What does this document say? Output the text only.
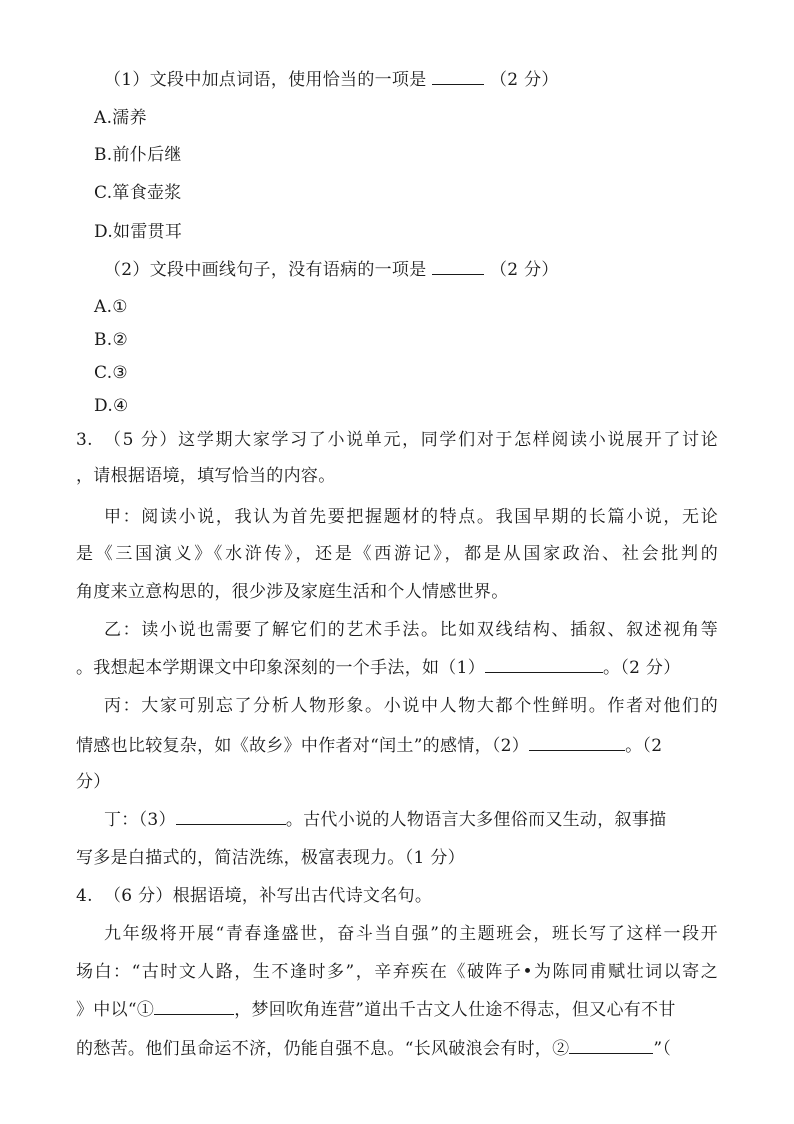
（1）文段中加点词语，使用恰当的一项是	（2 分）
A.濡养
B.前仆后继
C.箪食壶浆
D.如雷贯耳
（2）文段中画线句子，没有语病的一项是	（2 分）
A.①
B.②
C.③
D.④
3. （5 分）这学期大家学习了小说单元，同学们对于怎样阅读小说展开了讨论
，请根据语境，填写恰当的内容。
甲：阅读小说，我认为首先要把握题材的特点。我国早期的长篇小说，无论
是《三国演义》《水浒传》，还是《西游记》，都是从国家政治、社会批判的
角度来立意构思的，很少涉及家庭生活和个人情感世界。
乙：读小说也需要了解它们的艺术手法。比如双线结构、插叙、叙述视角等
。我想起本学期课文中印象深刻的一个手法，如（1）	。（2 分）
丙：大家可别忘了分析人物形象。小说中人物大都个性鲜明。作者对他们的
情感也比较复杂，如《故乡》中作者对“闰土”的感情，（2）	。（2
分）
丁：（3）	。古代小说的人物语言大多俚俗而又生动，叙事描
写多是白描式的，简洁洗练，极富表现力。（1 分）
4. （6 分）根据语境，补写出古代诗文名句。
九年级将开展“青春逢盛世，奋斗当自强”的主题班会，班长写了这样一段开
场白：“古时文人路，生不逢时多”，辛弃疾在《破阵子•为陈同甫赋壮词以寄之
》中以“①	，梦回吹角连营”道出千古文人仕途不得志，但又心有不甘
的愁苦。他们虽命运不济，仍能自强不息。“长风破浪会有时，②	”（
